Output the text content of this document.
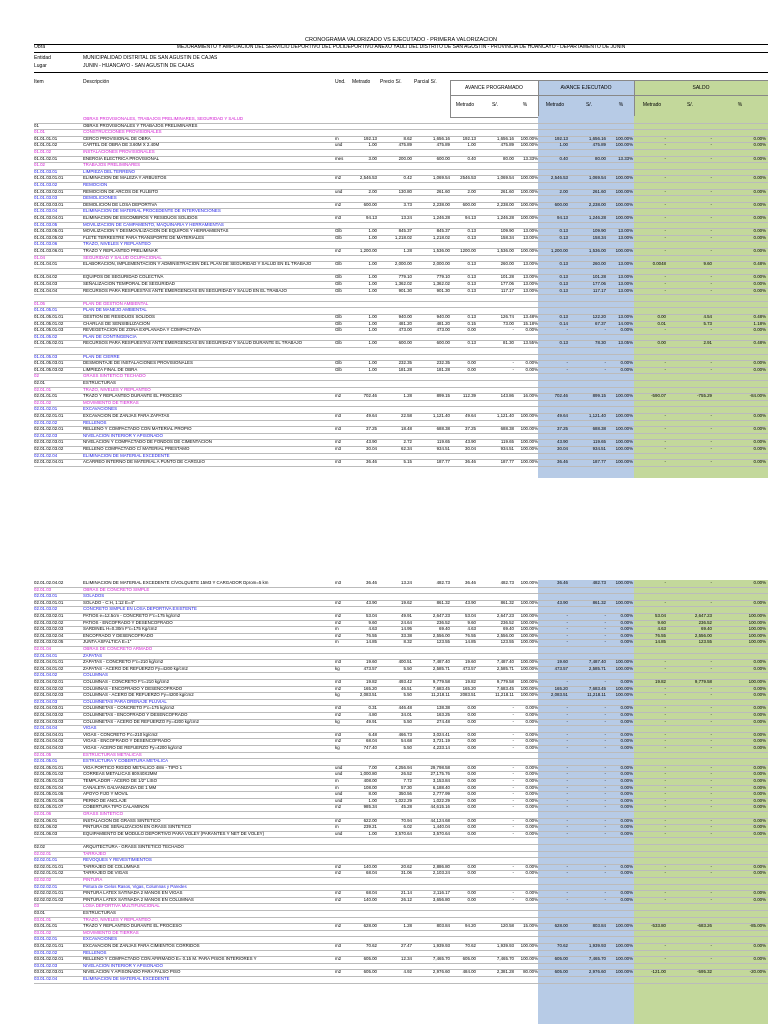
CRONOGRAMA VALORIZADO VS EJECUTADO - PRIMERA VALORIZACION
Obra	MEJORAMIENTO Y AMPLIACION DEL SERVICIO DEPORTIVO DEL POLIDEPORTIVO ANEXO YAULI DEL DISTRITO DE SAN AGUSTIN - PROVINCIA DE HUANCAYO - DEPARTAMENTO DE JUNIN
Entidad	MUNICIPALIDAD DISTRITAL DE SAN AGUSTIN DE CAJAS
Lugar	JUNIN - HUANCAYO - SAN AGUSTIN DE CAJAS
Item	Descripción	Und. Metrado Precio S/. Parcial S/.
AVANCE PROGRAMADO	AVANCE EJECUTADO	SALDO
Metrado	S/.	%	Metrado	S/.	%	Metrado	S/.	%
OBRAS PROVISIONALES, TRABAJOS PRELIMINARES, SEGURIDAD Y SALUD
01	OBRAS PROVISIONALES Y TRABAJOS PRELIMINARES
01.01	CONSTRUCCIONES PROVISIONALES
01.01.01.01	CERCO PROVISIONAL DE OBRA	m	192.13	8.62	1,656.16	192.13	1,656.16	100.00%	192.13	1,656.16	100.00%	-	-	0.00%
01.01.01.02	CARTEL DE OBRA DE 3.60M X 2.40M	und	1.00	475.89	475.89	1.00	475.89	100.00%	1.00	475.89	100.00%	-	-	0.00%
01.01.02	INSTALACIONES PROVISIONALES
01.01.02.01	ENERGIA ELECTRICA PROVISIONAL	mes	3.00	200.00	600.00	0.40	80.00	13.33%	0.40	80.00	13.33%	-	-	0.00%
01.02	TRABAJOS PRELIMINARES
01.01.03.01	LIMPIEZA DEL TERRENO
01.01.03.01.01	ELIMINACION DE MALEZA Y ARBUSTOS	m2	2,546.53	0.42	1,069.54	2546.53	1,069.54	100.00%	2,546.53	1,069.54	100.00%	-	-	0.00%
01.01.03.02	REMOCION
01.01.03.02.01	REMOCION DE ARCOS DE FULBITO	und	2.00	130.80	261.60	2.00	261.60	100.00%	2.00	261.60	100.00%	-	-	0.00%
01.01.03.03	DEMOLICIONES
01.01.03.03.01	DEMOLICION DE LOSA DEPORTIVA	m2	600.00	3.73	2,238.00	600.00	2,238.00	100.00%	600.00	2,238.00	100.00%	-	-	0.00%
01.01.03.04	ELIMINACION DE MATERIAL PROCEDENTE DE INTERVENCIONES
01.01.03.04.01	ELIMINACION DE ESCOMBROS Y RESIDUOS SOLIDOS	m3	94.13	13.24	1,246.28	94.13	1,246.28	100.00%	94.13	1,246.28	100.00%	-	-	0.00%
01.01.03.05	MOVILIZACION DE CAMPAMENTO, MAQUINARIA Y HERRAMIENTAS
01.01.03.05.01	MOVILIZACION Y DESMOVILIZACION DE EQUIPOS Y HERRAMIENTAS	Glb	1.00	845.37	845.37	0.13	109.90	13.00%	0.13	109.90	13.00%	-	-	0.00%
01.01.03.05.02	FLETE TERRESTRE PARA TRANSPORTE DE MATERIALES	Glb	1.00	1,218.02	1,218.02	0.13	158.34	13.00%	0.13	158.34	13.00%	-	-	0.00%
01.01.03.06	TRAZO, NIVELES Y REPLANTEO
01.01.03.06.01	TRAZO Y REPLANTEO PRELIMINAR	m2	1,200.00	1.28	1,536.00	1200.00	1,536.00	100.00%	1,200.00	1,536.00	100.00%	-	-	0.00%
01.04	SEGURIDAD Y SALUD OCUPACIONAL
01.01.04.01	ELABORACION, IMPLEMENTACION Y ADMINISTRACION DEL PLAN DE SEGURIDAD Y SALUD EN EL TRABAJO	Glb	1.00	2,000.00	2,000.00	0.13	260.00	13.00%	0.13	260.00	13.00%	0.0048	9.60	0.48%
01.01.04.02	EQUIPOS DE SEGURIDAD COLECTIVA	Glb	1.00	779.10	779.10	0.13	101.28	13.00%	0.13	101.28	13.00%	-	-	0.00%
01.01.04.03	SEÑALIZACION TEMPORAL DE SEGURIDAD	Glb	1.00	1,362.02	1,362.02	0.13	177.06	13.00%	0.13	177.06	13.00%	-	-	0.00%
01.01.04.04	RECURSOS PARA RESPUESTAS ANTE EMERGENCIAS EN SEGURIDAD Y SALUD EN EL TRABAJO	Glb	1.00	901.30	901.30	0.13	117.17	13.00%	0.13	117.17	13.00%	-	-	0.00%
01.05	PLAN DE GESTION AMBIENTAL
01.01.05.01	PLAN DE MANEJO AMBIENTAL
01.01.05.01.01	GESTION DE RESIDUOS SOLIDOS	Glb	1.00	940.00	940.00	0.13	126.74	13.48%	0.13	122.20	13.00%	0.00	4.54	0.48%
01.01.05.01.02	CHARLAS DE SENSIBILIZACION	Glb	1.00	481.20	481.20	0.15	73.00	15.18%	0.14	67.37	14.00%	0.01	5.73	1.18%
01.01.05.01.03	REVEGETACION DE ZONA EXPLANADA Y COMPACTADA	Glb	1.00	473.00	473.00	0.00	-	0.00%	-	-	0.00%	-	-	0.00%
01.01.05.02	PLAN DE CONTINGENCIA
01.01.05.02.01	RECURSOS PARA RESPUESTAS ANTE EMERGENCIAS EN SEGURIDAD Y SALUD DURANTE EL TRABAJO	Glb	1.00	600.00	600.00	0.13	81.30	13.55%	0.13	78.30	13.05%	0.00	2.91	0.48%
01.01.05.03	PLAN DE CIERRE
01.01.05.03.01	DESMONTAJE DE INSTALACIONES PROVISIONALES	Glb	1.00	232.35	232.35	0.00	-	0.00%	-	-	0.00%	-	-	0.00%
01.01.05.03.02	LIMPIEZA FINAL DE OBRA	Glb	1.00	181.28	181.28	0.00	-	0.00%	-	-	0.00%	-	-	0.00%
02	GRASS SINTETICO TECHADO
02.01	ESTRUCTURAS
02.01.01	TRAZO, NIVELES Y REPLANTEO
02.01.01.01	TRAZO Y REPLANTEO DURANTE EL PROCESO	m2	702.46	1.28	899.15	112.39	143.86	16.00%	702.46	899.15	100.00%	-590.07	-755.29	-84.00%
02.01.02	MOVIMIENTO DE TIERRAS
02.01.02.01	EXCAVACIONES
02.01.02.01.01	EXCAVACION DE ZANJAS PARA ZAPATAS	m3	49.64	22.58	1,121.40	49.64	1,121.40	100.00%	49.64	1,121.40	100.00%	-	-	0.00%
02.01.02.02	RELLENOS
02.01.02.02.01	RELLENO Y COMPACTADO CON MATERIAL PROPIO	m3	37.25	18.48	688.38	37.25	688.38	100.00%	37.25	688.38	100.00%	-	-	0.00%
02.01.02.03	NIVELACION INTERIOR Y APISONADO
02.01.02.03.01	NIVELACION Y COMPACTADO DE FONDOS DE CIMENTACION	m2	43.90	2.72	119.65	43.90	119.65	100.00%	43.90	119.65	100.00%	-	-	0.00%
02.01.02.03.02	RELLENO COMPACTADO C/ MATERIAL PRESTAMO	m3	30.04	62.34	934.51	30.04	934.51	100.00%	30.04	934.51	100.00%	-	-	0.00%
02.01.02.04	ELIMINACION DE MATERIAL EXCEDENTE
02.01.02.04.01	ACARREO INTERNO DE MATERIAL A PUNTO DE CARGUIO	m3	36.46	5.15	187.77	36.46	187.77	100.00%	36.46	187.77	100.00%	-	-	0.00%
02.01.02.04.02	ELIMINACION DE MATERIAL EXCEDENTE C/VOLQUETE 15M3 Y CARGADOR Dprom=5 km	m3	36.46	13.24	482.73	36.46	482.73	100.00%	36.46	482.73	100.00%	-	-	0.00%
02.01.03	OBRAS DE CONCRETO SIMPLE
02.01.03.01	SOLADOS
02.01.03.01.01	SOLADO - C:H, 1:12 E=4"	m2	43.90	19.62	861.32	43.90	861.32	100.00%	43.90	861.32	100.00%	-	-	0.00%
02.01.03.02	CONCRETO SIMPLE EN LOSA DEPORTIVA EXISTENTE
02.01.03.02.01	PATIOS e=12.5cm - CONCRETO F'c=175 kg/cm2	m2	53.04	49.91	2,647.23	53.04	2,647.23	100.00%	-	-	0.00%	53.04	2,647.23	100.00%
02.01.03.02.02	PATIOS - ENCOFRADO Y DESENCOFRADO	m2	9.60	24.64	236.52	9.60	236.52	100.00%	-	-	0.00%	9.60	236.52	100.00%
02.01.03.02.03	SARDINEL H=0.30m F'c=175 Kg/cm2	m	4.63	14.95	69.40	4.63	69.40	100.00%	-	-	0.00%	4.63	69.40	100.00%
02.01.03.02.04	ENCOFRADO Y DESENCOFRADO	m2	76.55	33.38	2,556.00	76.55	2,556.00	100.00%	-	-	0.00%	76.55	2,556.00	100.00%
02.01.03.02.05	JUNTA ASFALTICA E=1"	m	14.85	8.32	123.55	14.85	123.55	100.00%	-	-	0.00%	14.85	123.55	100.00%
02.01.04	OBRAS DE CONCRETO ARMADO
02.01.04.01	ZAPATAS
02.01.04.01.01	ZAPATAS - CONCRETO F'c=210 kg/cm2	m3	19.60	400.51	7,487.40	19.60	7,487.40	100.00%	19.60	7,487.40	100.00%	-	-	0.00%
02.01.04.01.02	ZAPATAS - ACERO DE REFUERZO Fy=4200 kg/cm2	kg	473.57	5.50	2,585.71	473.57	2,585.71	100.00%	473.57	2,585.71	100.00%	-	-	0.00%
02.01.04.02	COLUMNAS
02.01.04.02.01	COLUMNAS - CONCRETO F'c=210 kg/cm2	m3	19.82	493.42	9,779.58	19.82	9,779.58	100.00%	-	-	0.00%	19.82	9,779.58	100.00%
02.01.04.02.02	COLUMNAS - ENCOFRADO Y DESENCOFRADO	m2	165.20	46.51	7,683.45	165.20	7,683.45	100.00%	165.20	7,683.45	100.00%	-	-	0.00%
02.01.04.02.03	COLUMNAS - ACERO DE REFUERZO Fy=4200 kg/cm2	kg	2,083.51	5.50	11,218.11	2083.51	11,218.11	100.00%	2,083.51	11,218.11	100.00%	-	-	0.00%
02.01.04.03	COLUMNETAS PARA DRENAJE PLUVIAL
02.01.04.03.01	COLUMNETAS - CONCRETO F'c=175 kg/cm2	m3	0.31	446.48	138.38	0.00	-	0.00%	-	-	0.00%	-	-	0.00%
02.01.04.03.02	COLUMNETAS - ENCOFRADO Y DESENCOFRADO	m2	4.80	34.01	163.25	0.00	-	0.00%	-	-	0.00%	-	-	0.00%
02.01.04.03.03	COLUMNETAS - ACERO DE REFUERZO Fy=4200 kg/cm2	kg	49.91	5.50	274.48	0.00	-	0.00%	-	-	0.00%	-	-	0.00%
02.01.04.04	VIGAS
02.01.04.04.01	VIGAS - CONCRETO F'c=210 kg/cm2	m3	6.48	466.73	3,024.41	0.00	-	0.00%	-	-	0.00%	-	-	0.00%
02.01.04.04.02	VIGAS - ENCOFRADO Y DESENCOFRADO	m2	68.04	54.68	3,721.19	0.00	-	0.00%	-	-	0.00%	-	-	0.00%
02.01.04.04.03	VIGAS - ACERO DE REFUERZO Fy=4200 kg/cm2	kg	747.40	5.50	4,233.14	0.00	-	0.00%	-	-	0.00%	-	-	0.00%
02.01.05	ESTRUCTURAS METALICAS
02.01.05.01	ESTRUCTURA Y COBERTURA METALICA
02.01.05.01.01	VIGA PORTICO RIGIDO METALICO 48m - TIPO 1	und	7.00	4,256.94	29,798.58	0.00	-	0.00%	-	-	0.00%	-	-	0.00%
02.01.05.01.02	CORREAS METALICAS 80X40X2MM	und	1,000.80	26.52	27,175.76	0.00	-	0.00%	-	-	0.00%	-	-	0.00%
02.01.05.01.03	TEMPLADOR - ACERO DE 1/2" LISO	m	408.00	7.72	3,153.84	0.00	-	0.00%	-	-	0.00%	-	-	0.00%
02.01.05.01.04	CANALETA GALVANIZADA DE 1 MM	m	108.00	57.30	6,188.40	0.00	-	0.00%	-	-	0.00%	-	-	0.00%
02.01.05.01.05	APOYO FIJO Y MOVIL	und	8.00	350.56	2,777.99	0.00	-	0.00%	-	-	0.00%	-	-	0.00%
02.01.05.01.06	PERNO DE ANCLAJE	und	1.00	1,022.29	1,022.29	0.00	-	0.00%	-	-	0.00%	-	-	0.00%
02.01.05.01.07	COBERTURA TIPO CALAMINON	m2	985.34	45.28	44,615.16	0.00	-	0.00%	-	-	0.00%	-	-	0.00%
02.01.06	GRASS SINTETICO
02.01.06.01	INSTALACION DE GRASS SINTETICO	m2	622.00	70.94	44,124.68	0.00	-	0.00%	-	-	0.00%	-	-	0.00%
02.01.06.02	PINTURA DE SEÑALIZACION EN GRASS SINTETICO	m	239.21	6.02	1,440.04	0.00	-	0.00%	-	-	0.00%	-	-	0.00%
02.01.06.03	EQUIPAMIENTO DE MODULO DEPORTIVO PARA VOLEY (PARANTES Y NET DE VOLEY)	und	1.00	3,570.64	3,570.64	0.00	-	0.00%	-	-	0.00%	-	-	0.00%
02.02	ARQUITECTURA - GRASS SINTETICO TECHADO
02.02.01	TARRAJEO
02.02.01.01	REVOQUES Y REVESTIMIENTOS
02.02.01.01.01	TARRAJEO DE COLUMNAS	m2	140.00	20.62	2,886.80	0.00	-	0.00%	-	-	0.00%	-	-	0.00%
02.02.01.01.02	TARRAJEO DE VIGAS	m2	68.04	31.06	2,103.24	0.00	-	0.00%	-	-	0.00%	-	-	0.00%
02.02.02	PINTURA
02.02.02.01	Pintura de Cielos Rasos, Vigas, Columnas y Paredes
02.02.02.01.01	PINTURA LATEX SATINADA 2 MANOS EN VIGAS	m2	68.04	21.14	2,116.17	0.00	-	0.00%	-	-	0.00%	-	-	0.00%
02.02.02.01.02	PINTURA LATEX SATINADA 2 MANOS EN COLUMNAS	m2	140.00	26.12	3,656.80	0.00	-	0.00%	-	-	0.00%	-	-	0.00%
03	LOSA DEPORTIVA MULTIFUNCIONAL
03.01	ESTRUCTURAS
03.01.01	TRAZO, NIVELES Y REPLANTEO
03.01.01.01	TRAZO Y REPLANTEO DURANTE EL PROCESO	m2	628.00	1.28	803.84	94.20	120.58	15.00%	628.00	803.84	100.00%	-533.80	-683.26	-85.00%
03.01.02	MOVIMIENTO DE TIERRAS
03.01.02.01	EXCAVACIONES
03.01.02.01.01	EXCAVACION DE ZANJAS PARA CIMIENTOS CORRIDOS	m3	70.62	27.47	1,939.93	70.62	1,939.93	100.00%	70.62	1,939.93	100.00%	-	-	0.00%
03.01.02.02	RELLENOS
03.01.02.02.01	RELLENO Y COMPACTADO CON AFIRMADO E= 0.15 M. PARA PISOS INTERIORES Y	m2	605.00	12.34	7,465.70	605.00	7,465.70	100.00%	605.00	7,465.70	100.00%	-	-	0.00%
03.01.02.03	NIVELACION INTERIOR Y APISONADO
03.01.02.03.01	NIVELACION Y APISONADO PARA FALSO PISO	m2	605.00	4.92	2,976.60	484.00	2,381.28	80.00%	605.00	2,976.60	100.00%	-121.00	-595.32	-20.00%
03.01.02.04	ELIMINACION DE MATERIAL EXCEDENTE
